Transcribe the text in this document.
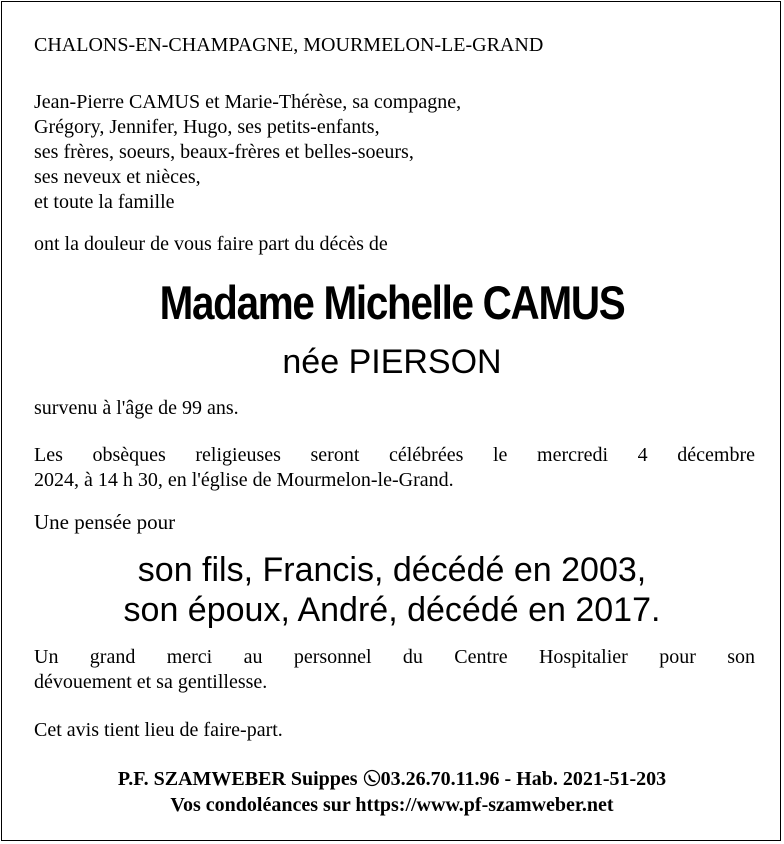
CHALONS-EN-CHAMPAGNE, MOURMELON-LE-GRAND

Jean-Pierre CAMUS et Marie-Thérèse, sa compagne,
Grégory, Jennifer, Hugo, ses petits-enfants,
ses frères, soeurs, beaux-frères et belles-soeurs,
ses neveux et nièces,
et toute la famille

ont la douleur de vous faire part du décès de

Madame Michelle CAMUS
née PIERSON

survenu à l'âge de 99 ans.

Les obsèques religieuses seront célébrées le mercredi 4 décembre
2024, à 14 h 30, en l'église de Mourmelon-le-Grand.

Une pensée pour

son fils, Francis, décédé en 2003,
son époux, André, décédé en 2017.

Un grand merci au personnel du Centre Hospitalier pour son
dévouement et sa gentillesse.

Cet avis tient lieu de faire-part.

P.F. SZAMWEBER Suippes 03.26.70.11.96 - Hab. 2021-51-203
Vos condoléances sur https://www.pf-szamweber.net
